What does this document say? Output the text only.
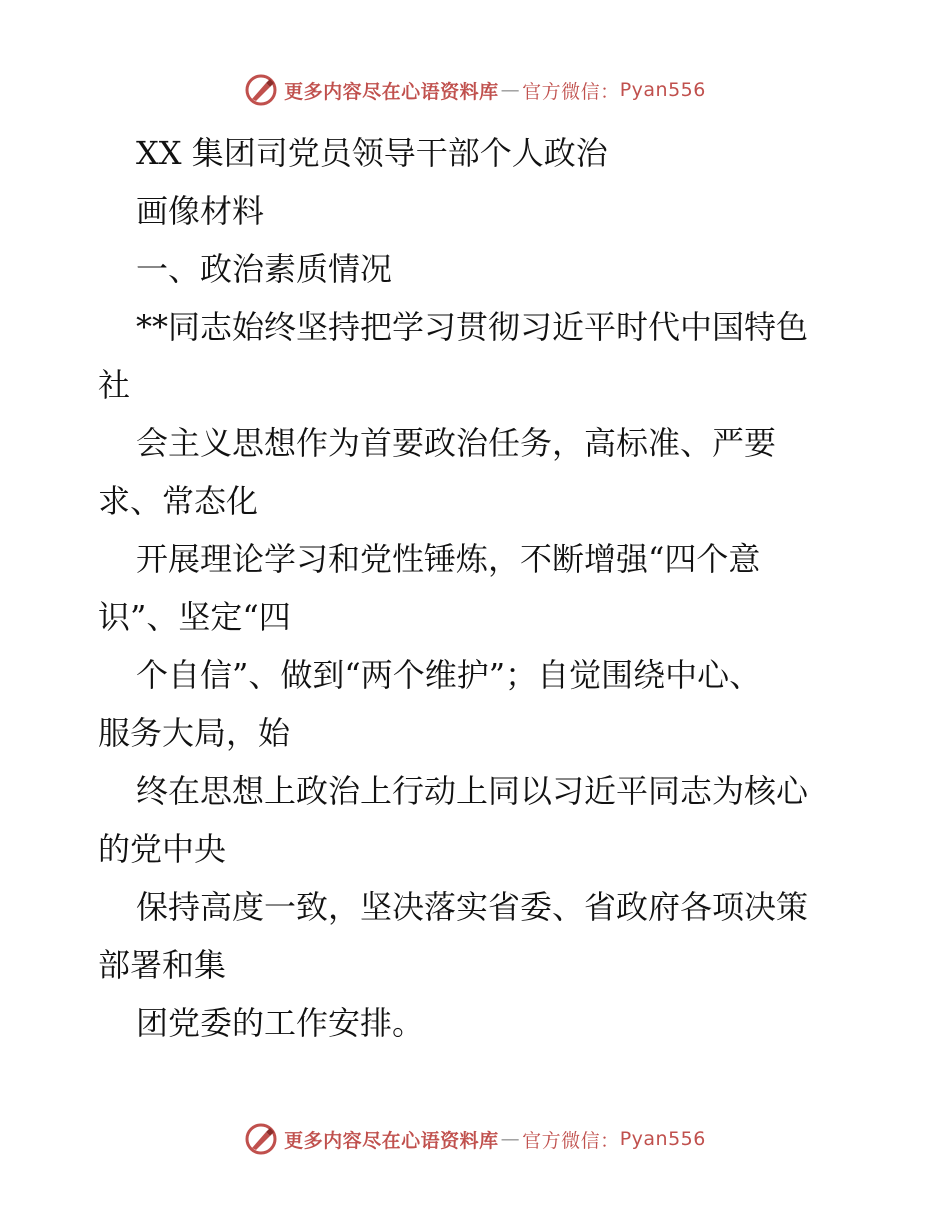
更多内容尽在心语资料库 — 官方微信： Pyan556
XX 集团司党员领导干部个人政治
画像材料
一、政治素质情况
**同志始终坚持把学习贯彻习近平时代中国特色
社
会主义思想作为首要政治任务，高标准、严要
求、常态化
开展理论学习和党性锤炼，不断增强“四个意
识”、坚定“四
个自信”、做到“两个维护”；自觉围绕中心、
服务大局，始
终在思想上政治上行动上同以习近平同志为核心
的党中央
保持高度一致，坚决落实省委、省政府各项决策
部署和集
团党委的工作安排。
更多内容尽在心语资料库 — 官方微信： Pyan556
